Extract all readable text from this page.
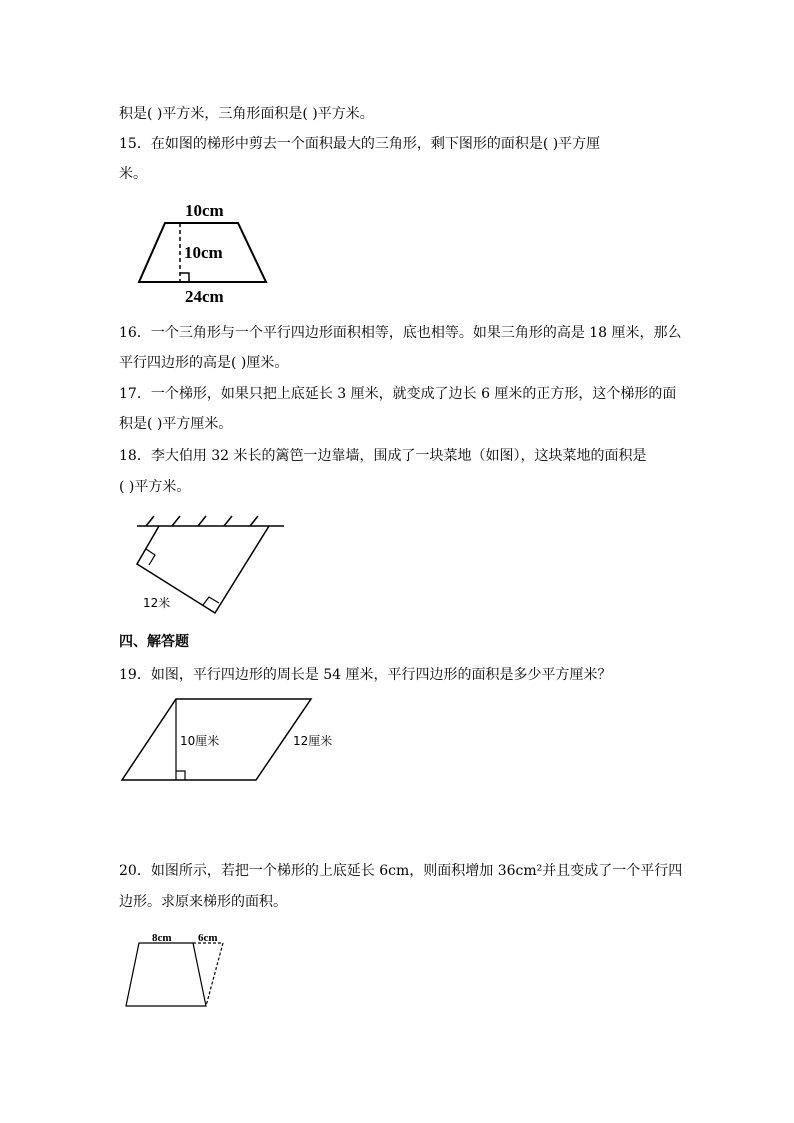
积是( )平方米，三角形面积是( )平方米。
15．在如图的梯形中剪去一个面积最大的三角形，剩下图形的面积是( )平方厘
米。
10cm
10cm
24cm
16．一个三角形与一个平行四边形面积相等，底也相等。如果三角形的高是 18 厘米，那么
平行四边形的高是( )厘米。
17．一个梯形，如果只把上底延长 3 厘米，就变成了边长 6 厘米的正方形，这个梯形的面
积是( )平方厘米。
18．李大伯用 32 米长的篱笆一边靠墙，围成了一块菜地（如图），这块菜地的面积是
( )平方米。
12米
四、解答题
19．如图，平行四边形的周长是 54 厘米，平行四边形的面积是多少平方厘米？
10厘米	12厘米
20．如图所示，若把一个梯形的上底延长 6cm，则面积增加 36cm²并且变成了一个平行四
边形。求原来梯形的面积。
8cm 6cm
